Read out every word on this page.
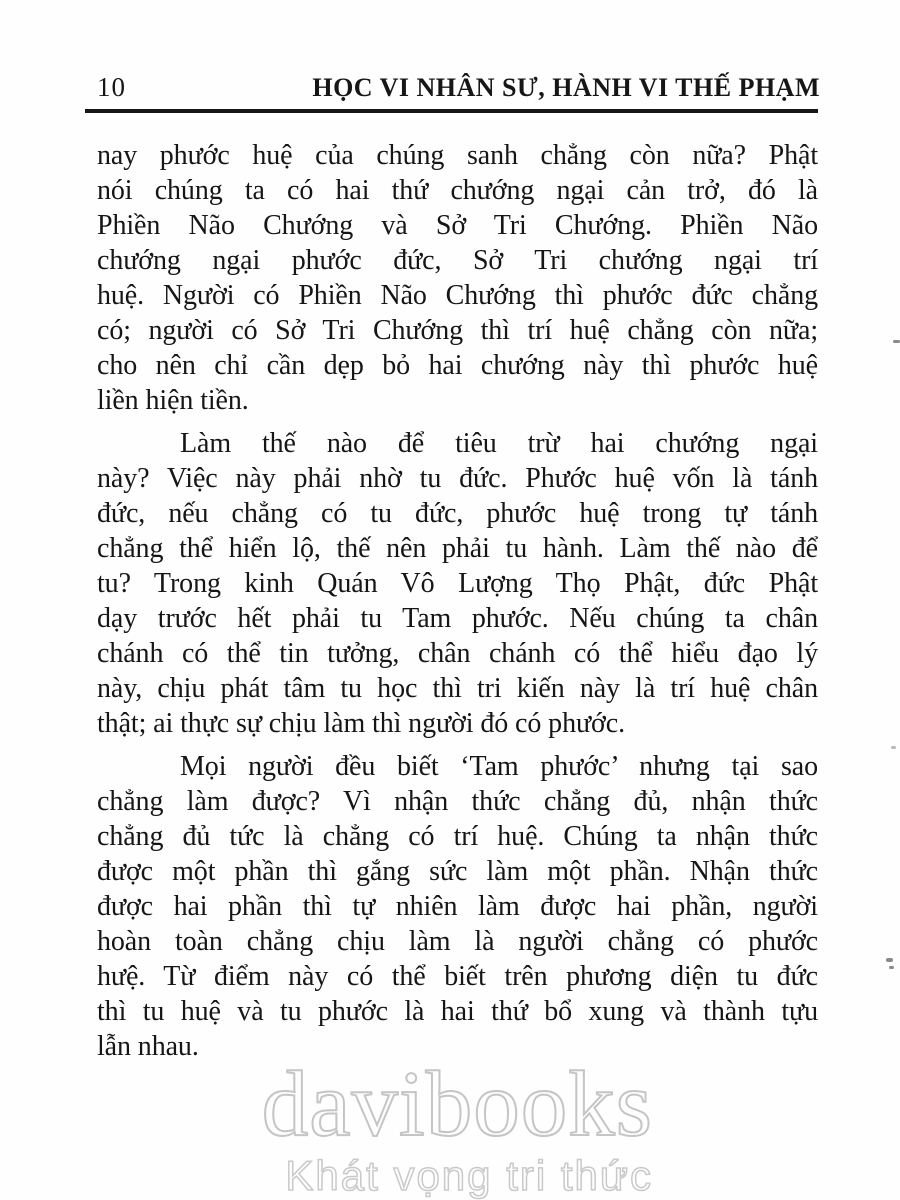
10	HỌC VI NHÂN SƯ, HÀNH VI THẾ PHẠM
nay phước huệ của chúng sanh chẳng còn nữa? Phật
nói chúng ta có hai thứ chướng ngại cản trở, đó là
Phiền Não Chướng và Sở Tri Chướng. Phiền Não
chướng ngại phước đức, Sở Tri chướng ngại trí
huệ. Người có Phiền Não Chướng thì phước đức chẳng
có; người có Sở Tri Chướng thì trí huệ chẳng còn nữa;
cho nên chỉ cần dẹp bỏ hai chướng này thì phước huệ
liền hiện tiền.
Làm thế nào để tiêu trừ hai chướng ngại
này? Việc này phải nhờ tu đức. Phước huệ vốn là tánh
đức, nếu chẳng có tu đức, phước huệ trong tự tánh
chẳng thể hiển lộ, thế nên phải tu hành. Làm thế nào để
tu? Trong kinh Quán Vô Lượng Thọ Phật, đức Phật
dạy trước hết phải tu Tam phước. Nếu chúng ta chân
chánh có thể tin tưởng, chân chánh có thể hiểu đạo lý
này, chịu phát tâm tu học thì tri kiến này là trí huệ chân
thật; ai thực sự chịu làm thì người đó có phước.
Mọi người đều biết ‘Tam phước’ nhưng tại sao
chẳng làm được? Vì nhận thức chẳng đủ, nhận thức
chẳng đủ tức là chẳng có trí huệ. Chúng ta nhận thức
được một phần thì gắng sức làm một phần. Nhận thức
được hai phần thì tự nhiên làm được hai phần, người
hoàn toàn chẳng chịu làm là người chẳng có phước
hưệ. Từ điểm này có thể biết trên phương diện tu đức
thì tu huệ và tu phước là hai thứ bổ xung và thành tựu
lẫn nhau.
davibooks
Khát vọng tri thức
